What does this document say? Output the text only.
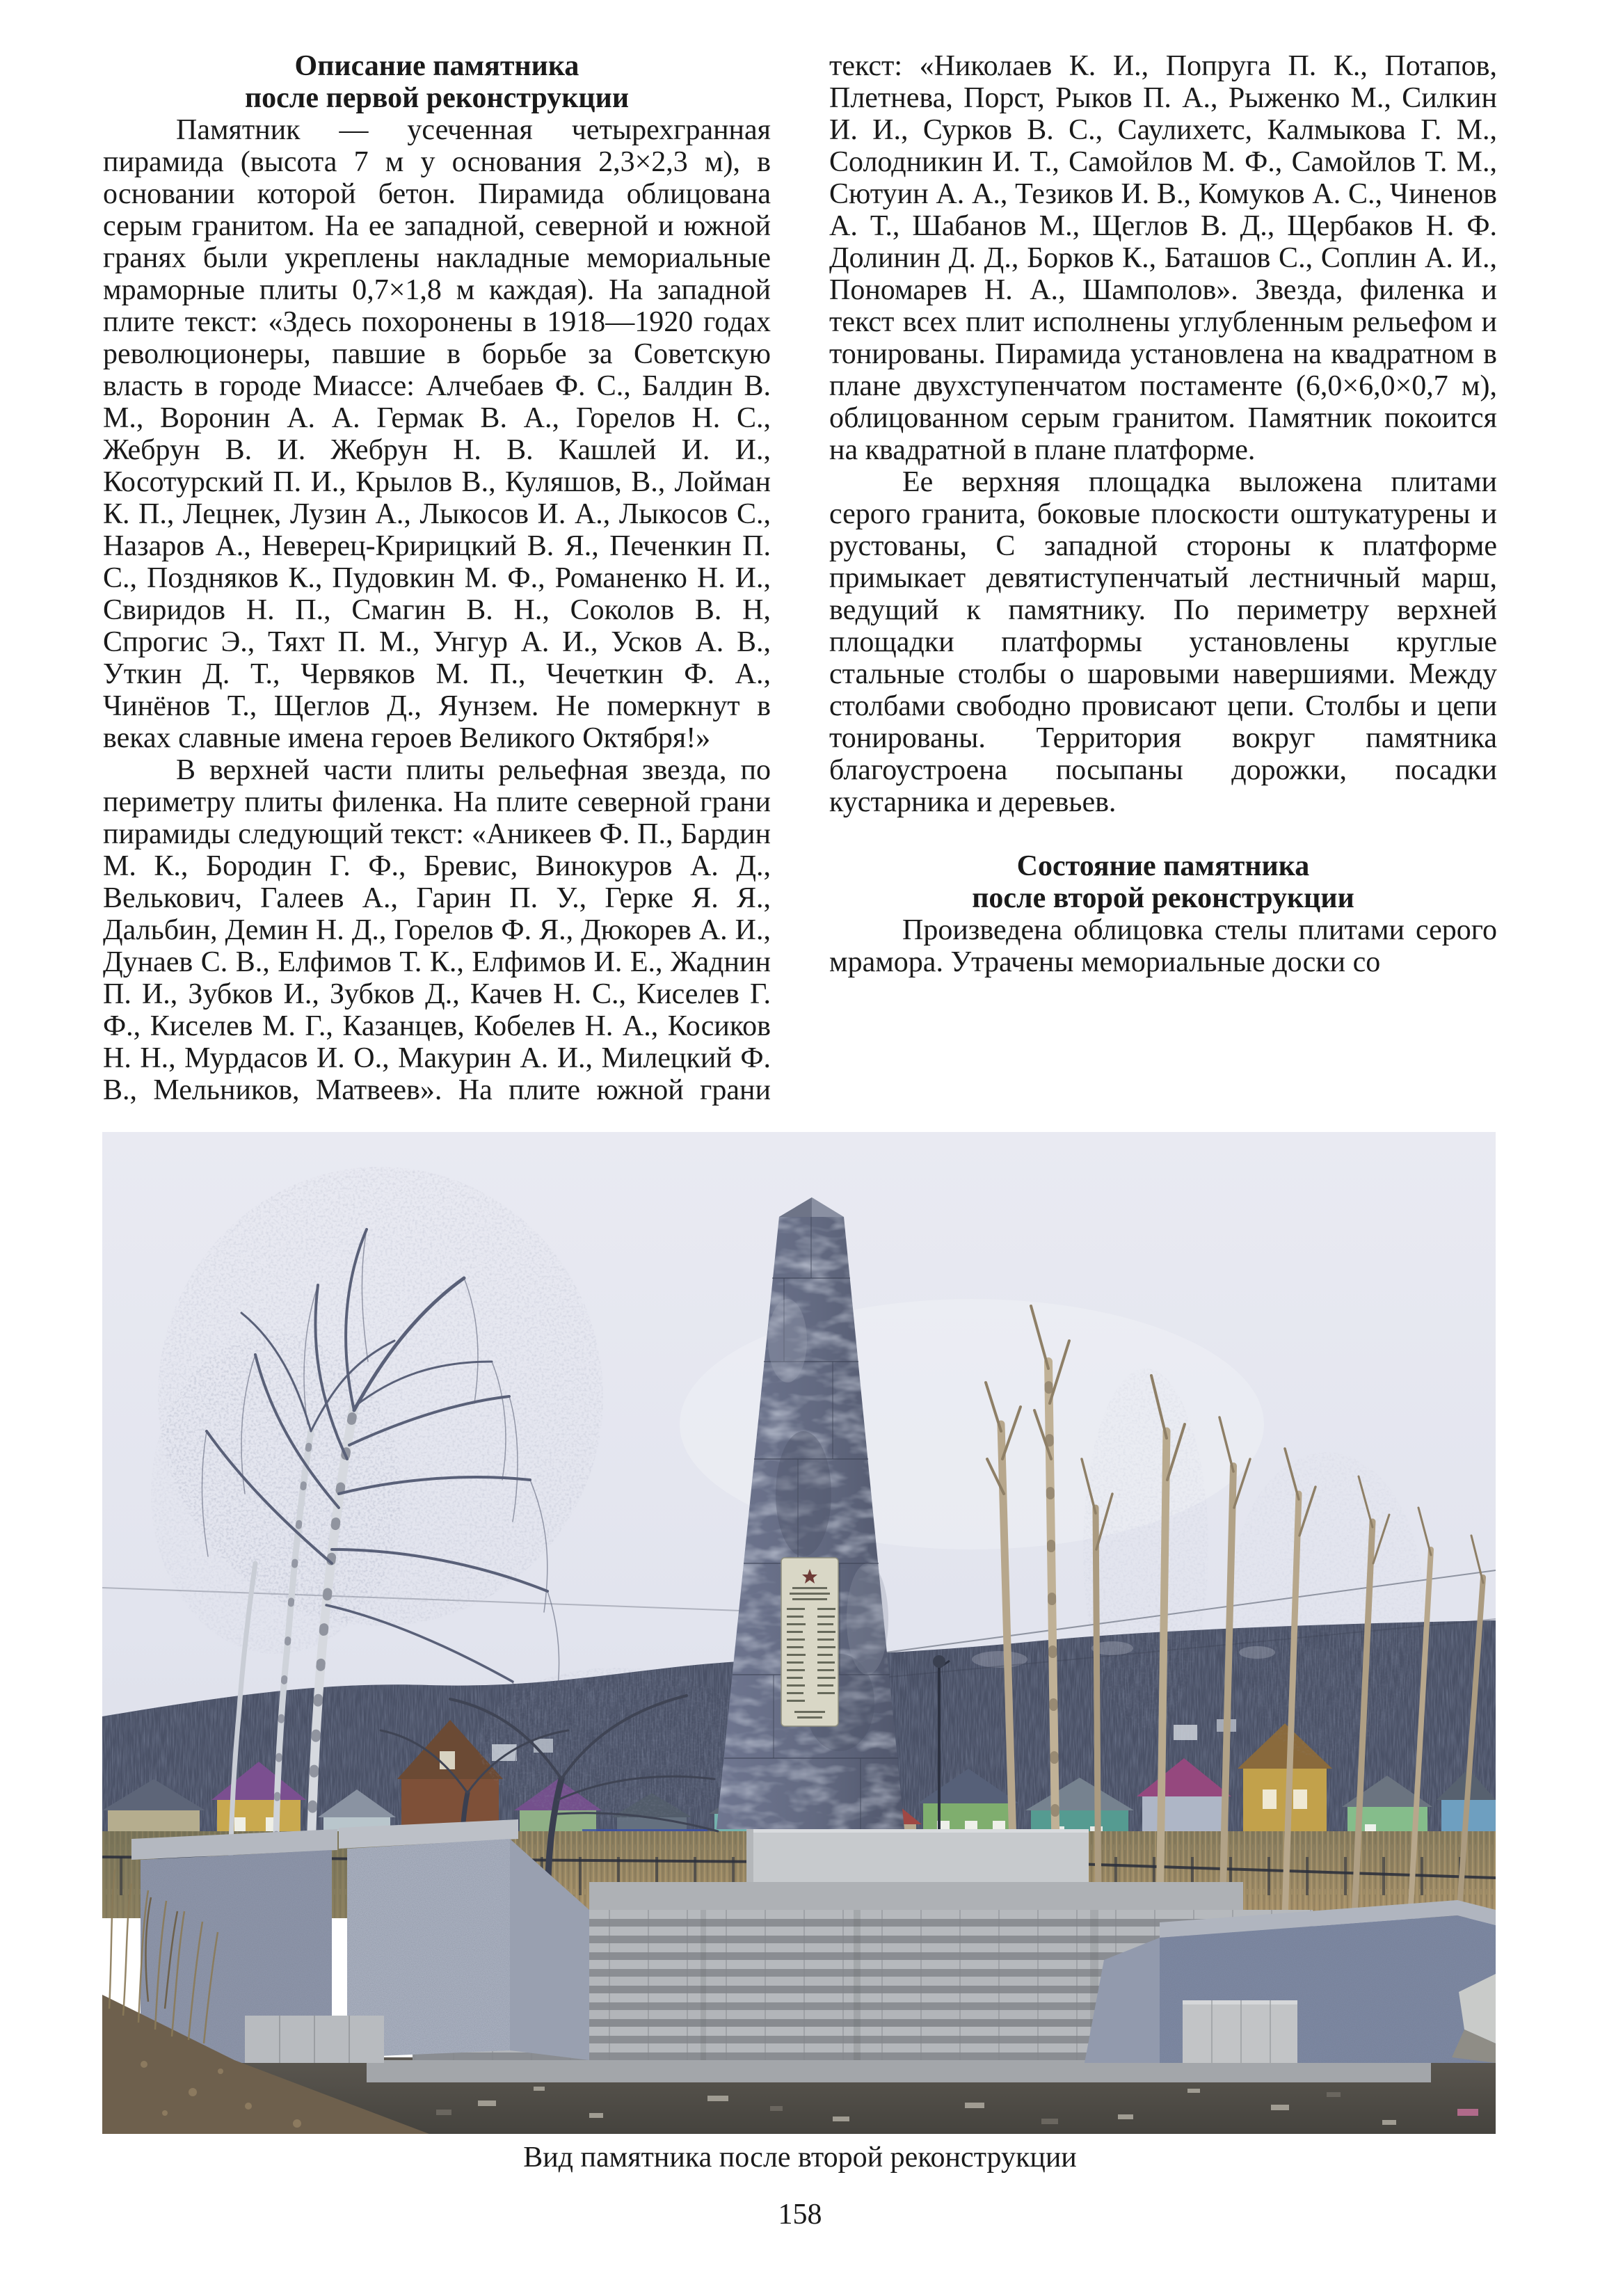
Описание памятника
после первой реконструкции

Памятник — усеченная четырехгранная пирамида (высота 7 м у основания 2,3×2,3 м), в основании которой бетон. Пирамида облицована серым гранитом. На ее западной, северной и южной гранях были укреплены накладные мемориальные мраморные плиты 0,7×1,8 м каждая). На западной плите текст: «Здесь похоронены в 1918—1920 годах революционеры, павшие в борьбе за Советскую власть в городе Миассе: Алчебаев Ф. С., Балдин В. М., Воронин А. А. Гермак В. А., Горелов Н. С., Жебрун В. И. Жебрун Н. В. Кашлей И. И., Косотурский П. И., Крылов В., Куляшов, В., Лойман К. П., Лецнек, Лузин А., Лыкосов И. А., Лыкосов С., Назаров А., Неверец-Кририцкий В. Я., Печенкин П. С., Поздняков К., Пудовкин М. Ф., Романенко Н. И., Свиридов Н. П., Смагин В. Н., Соколов В. Н, Спрогис Э., Тяхт П. М., Унгур А. И., Усков А. В., Уткин Д. Т., Червяков М. П., Чечеткин Ф. А., Чинёнов Т., Щеглов Д., Яунзем. Не померкнут в веках славные имена героев Великого Октября!»

В верхней части плиты рельефная звезда, по периметру плиты филенка. На плите северной грани пирамиды следующий текст: «Аникеев Ф. П., Бардин М. К., Бородин Г. Ф., Бревис, Винокуров А. Д., Велькович, Галеев А., Гарин П. У., Герке Я. Я., Дальбин, Демин Н. Д., Горелов Ф. Я., Дюкорев А. И., Дунаев С. В., Елфимов Т. К., Елфимов И. Е., Жаднин П. И., Зубков И., Зубков Д., Качев Н. С., Киселев Г. Ф., Киселев М. Г., Казанцев, Кобелев Н. А., Косиков Н. Н., Мурдасов И. О., Макурин А. И., Милецкий Ф. В., Мельников, Матвеев». На плите южной грани текст: «Николаев К. И., Попруга П. К., Потапов, Плетнева, Порст, Рыков П. А., Рыженко М., Силкин И. И., Сурков В. С., Саулихетс, Калмыкова Г. М., Солодникин И. Т., Самойлов М. Ф., Самойлов Т. М., Сютуин А. А., Тезиков И. В., Комуков А. С., Чиненов А. Т., Шабанов М., Щеглов В. Д., Щербаков Н. Ф. Долинин Д. Д., Борков К., Баташов С., Соплин А. И., Пономарев Н. А., Шамполов». Звезда, филенка и текст всех плит исполнены углубленным рельефом и тонированы. Пирамида установлена на квадратном в плане двухступенчатом постаменте (6,0×6,0×0,7 м), облицованном серым гранитом. Памятник покоится на квадратной в плане платформе.

Ее верхняя площадка выложена плитами серого гранита, боковые плоскости оштукатурены и рустованы, С западной стороны к платформе примыкает девятиступенчатый лестничный марш, ведущий к памятнику. По периметру верхней площадки платформы установлены круглые стальные столбы о шаровыми навершиями. Между столбами свободно провисают цепи. Столбы и цепи тонированы. Территория вокруг памятника благоустроена посыпаны дорожки, посадки кустарника и деревьев.

Состояние памятника
после второй реконструкции

Произведена облицовка стелы плитами серого мрамора. Утрачены мемориальные доски со

Вид памятника после второй реконструкции
158
